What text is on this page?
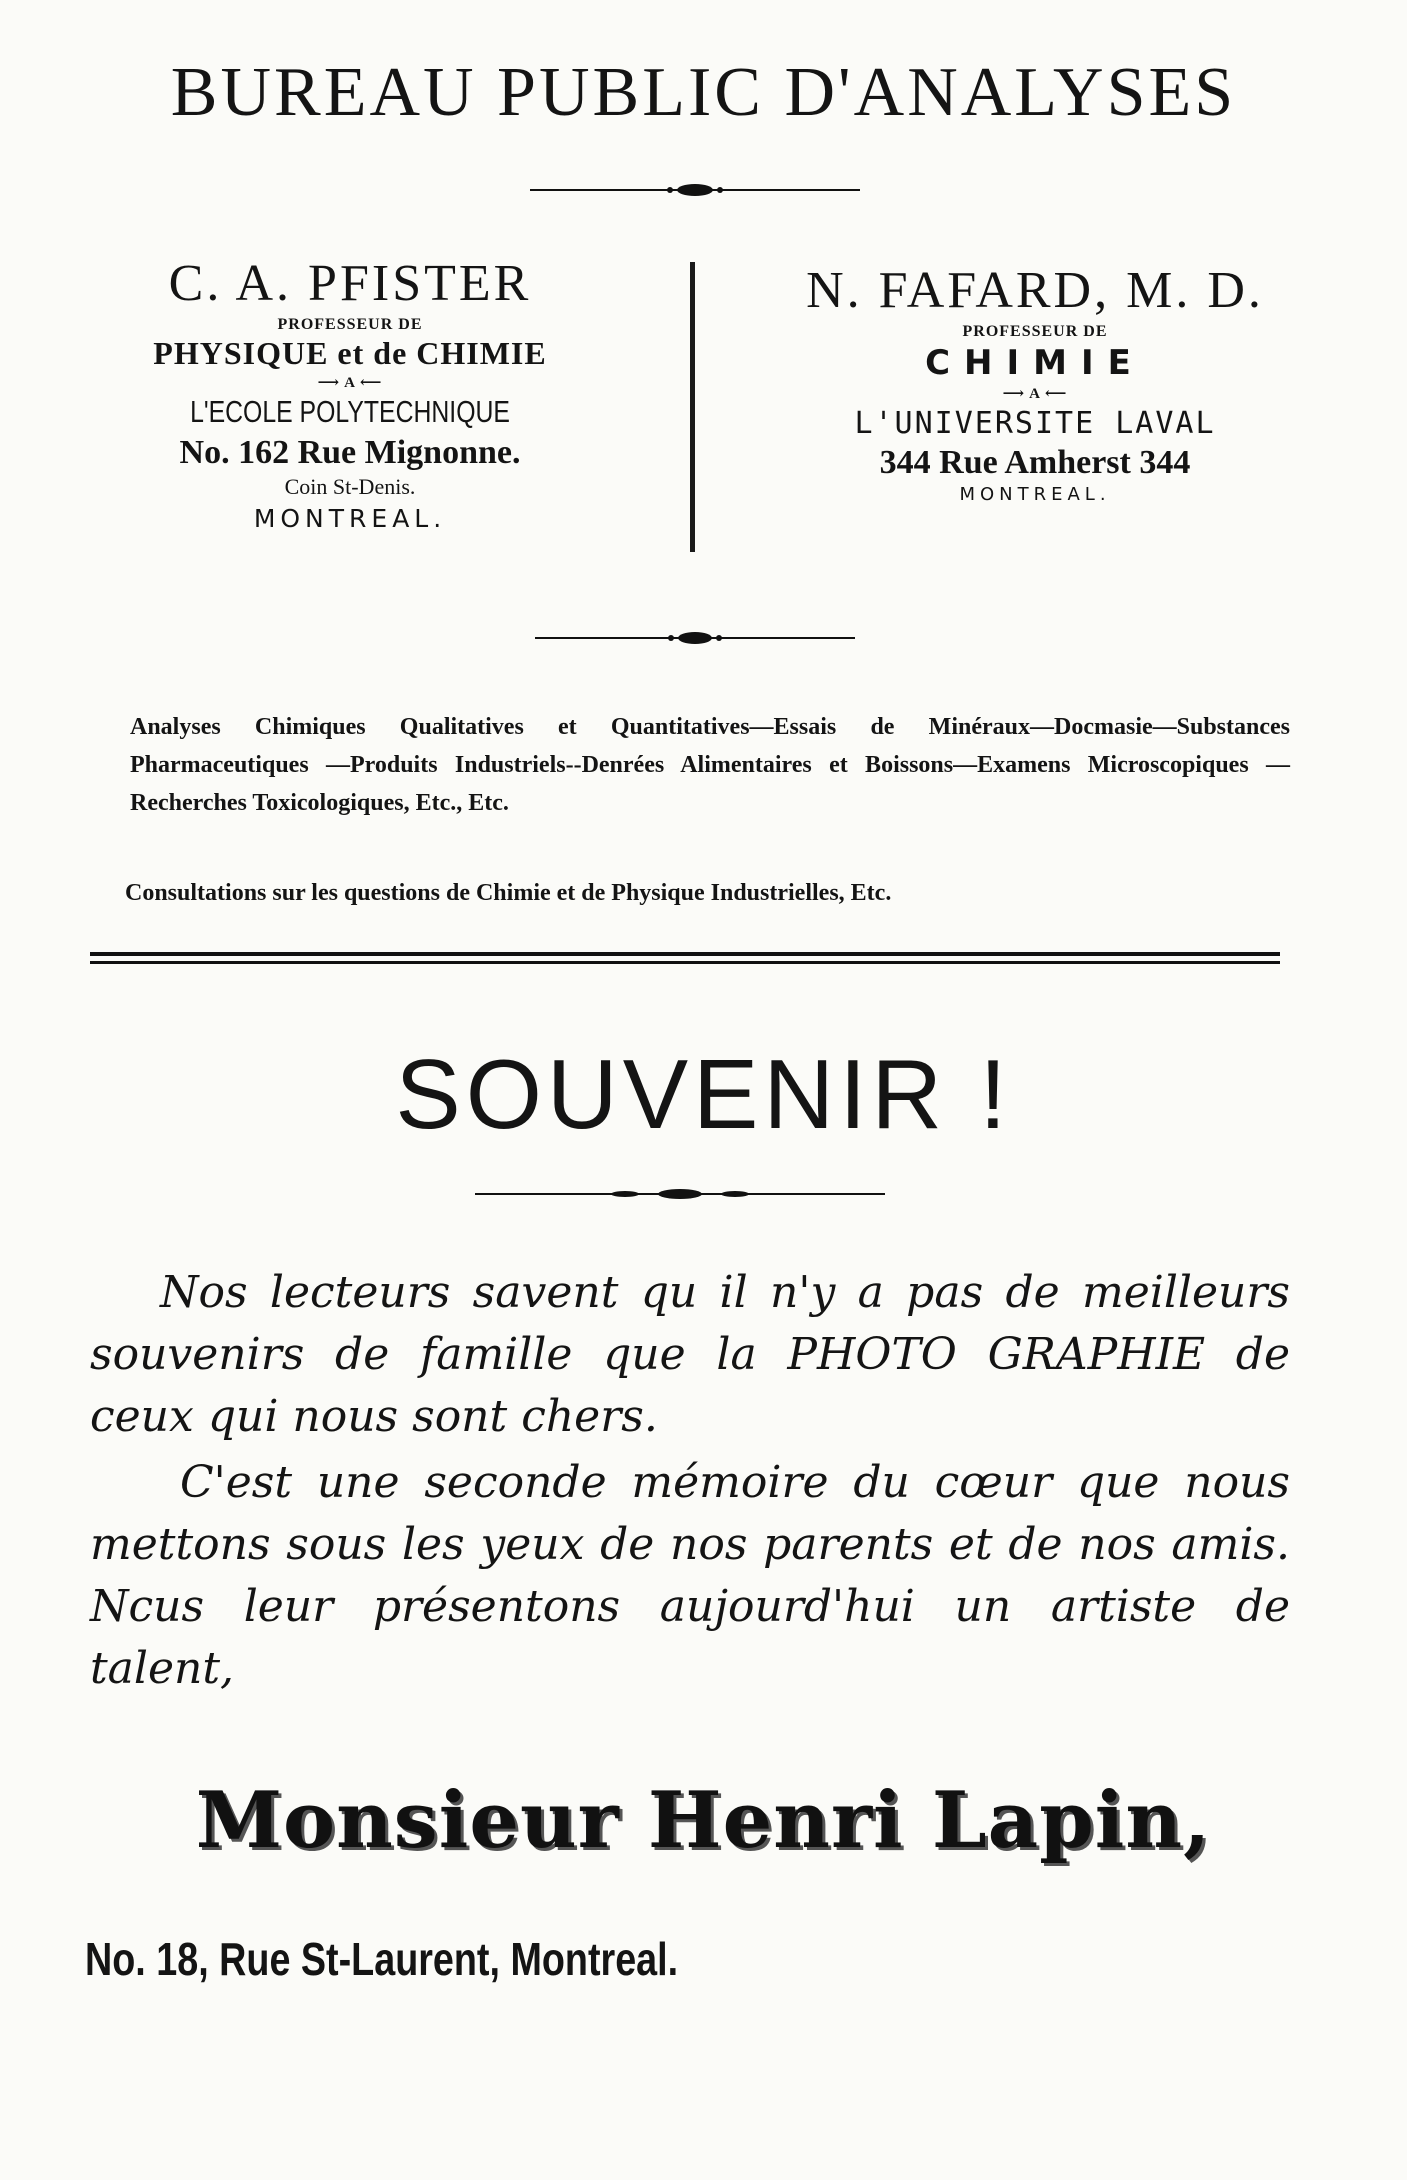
BUREAU PUBLIC D'ANALYSES
C. A. PFISTER
PROFESSEUR DE
PHYSIQUE et de CHIMIE
⟶ A ⟵
L'ECOLE POLYTECHNIQUE
No. 162 Rue Mignonne.
Coin St-Denis.
MONTREAL.
N. FAFARD, M. D.
PROFESSEUR DE
CHIMIE
⟶ A ⟵
L'UNIVERSITE LAVAL
344 Rue Amherst 344
MONTREAL.

Analyses Chimiques Qualitatives et Quantitatives—Essais de Minéraux—Docmasie—Substances Pharmaceutiques —Produits Industriels--Denrées Alimentaires et Boissons—Examens Microscopiques — Recherches Toxicologiques, Etc., Etc.

Consultations sur les questions de Chimie et de Physique Industrielles, Etc.

SOUVENIR !

Nos lecteurs savent qu il n'y a pas de meilleurs souvenirs de famille que la PHOTO GRAPHIE de ceux qui nous sont chers.

C'est une seconde mémoire du cœur que nous mettons sous les yeux de nos parents et de nos amis. Ncus leur présentons aujourd'hui un artiste de talent,

Monsieur Henri Lapin,
No. 18, Rue St-Laurent, Montreal.
